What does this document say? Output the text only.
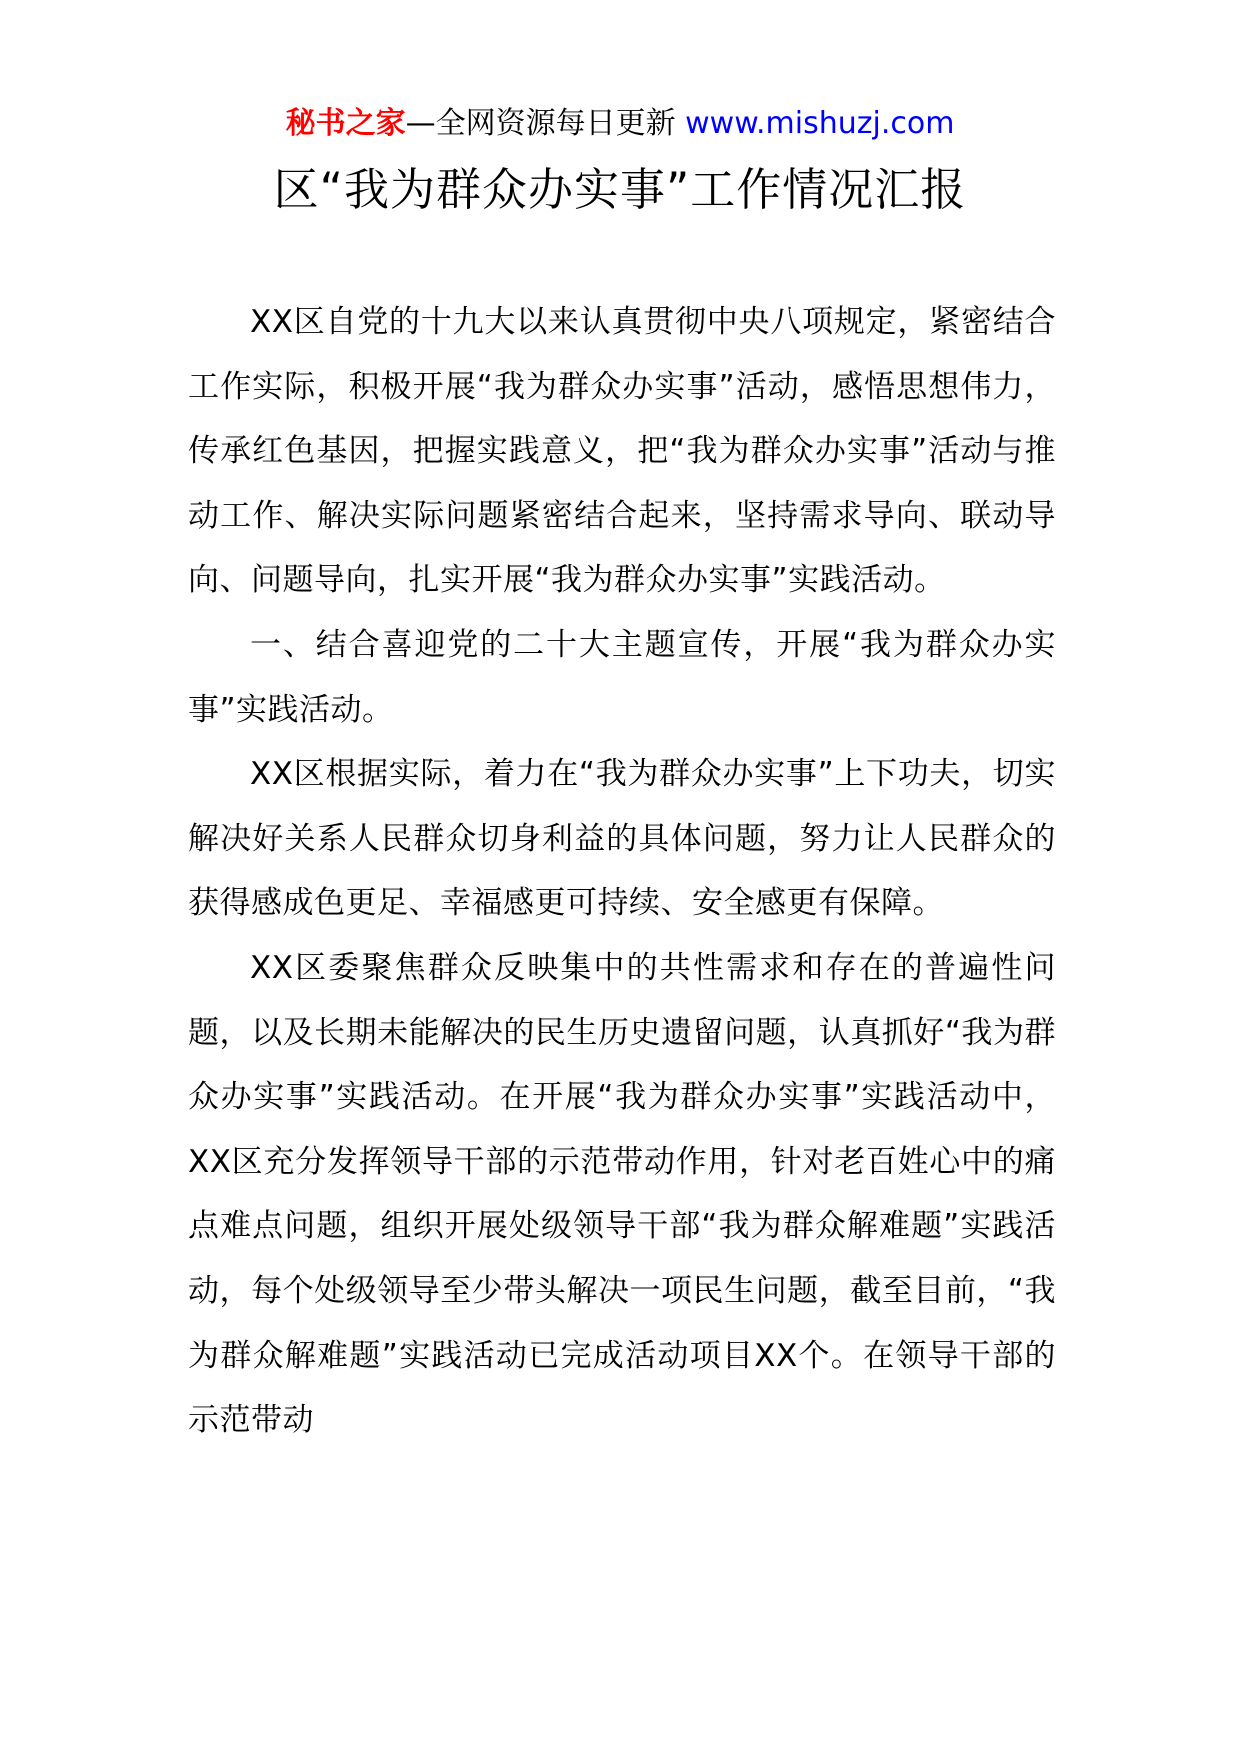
秘书之家—全网资源每日更新 www.mishuzj.com
区“我为群众办实事”工作情况汇报

XX区自党的十九大以来认真贯彻中央八项规定，紧密结合工作实际，积极开展“我为群众办实事”活动，感悟思想伟力，传承红色基因，把握实践意义，把“我为群众办实事”活动与推动工作、解决实际问题紧密结合起来，坚持需求导向、联动导向、问题导向，扎实开展“我为群众办实事”实践活动。

一、结合喜迎党的二十大主题宣传，开展“我为群众办实事”实践活动。

XX区根据实际，着力在“我为群众办实事”上下功夫，切实解决好关系人民群众切身利益的具体问题，努力让人民群众的获得感成色更足、幸福感更可持续、安全感更有保障。

XX区委聚焦群众反映集中的共性需求和存在的普遍性问题，以及长期未能解决的民生历史遗留问题，认真抓好“我为群众办实事”实践活动。在开展“我为群众办实事”实践活动中，XX区充分发挥领导干部的示范带动作用，针对老百姓心中的痛点难点问题，组织开展处级领导干部“我为群众解难题”实践活动，每个处级领导至少带头解决一项民生问题，截至目前，“我为群众解难题”实践活动已完成活动项目XX个。在领导干部的示范带动
